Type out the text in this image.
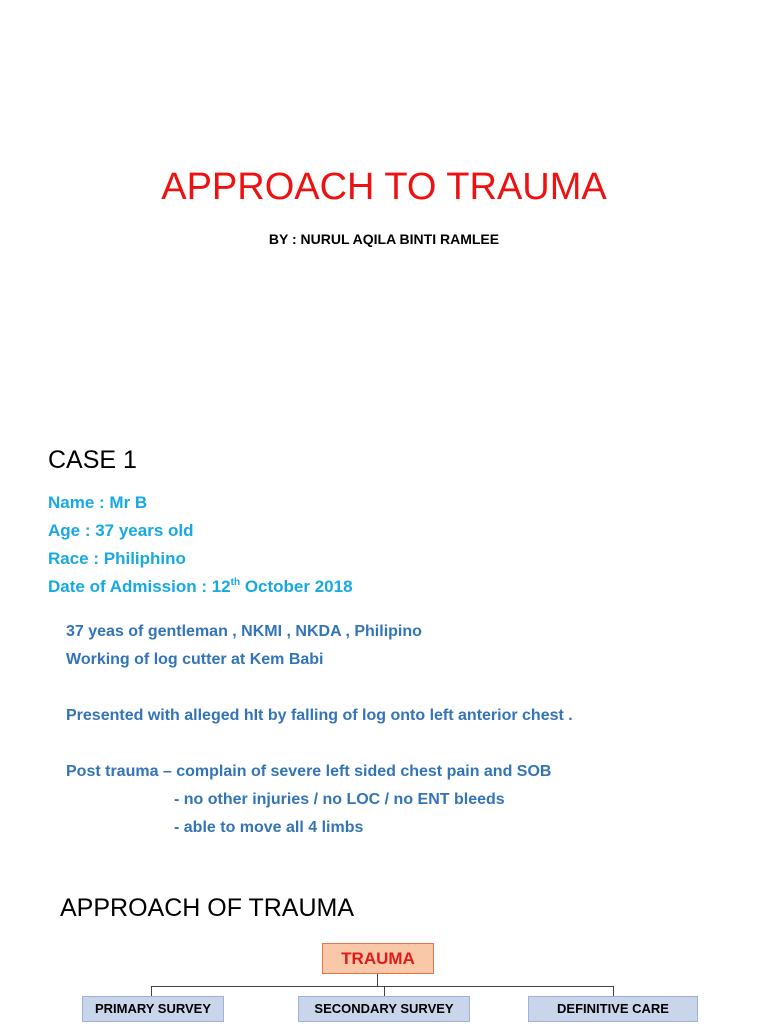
APPROACH TO TRAUMA
BY : NURUL AQILA BINTI RAMLEE
CASE 1
Name : Mr B
Age : 37 years old
Race : Philiphino
Date of Admission : 12th October 2018
37 yeas of gentleman , NKMI , NKDA , Philipino
Working of log cutter at Kem Babi
Presented with alleged hIt by falling of log onto left anterior chest .
Post trauma – complain of severe left sided chest pain and SOB
- no other injuries / no LOC / no ENT bleeds
- able to move all 4 limbs
APPROACH OF TRAUMA
TRAUMA
PRIMARY SURVEY	SECONDARY SURVEY	DEFINITIVE CARE
